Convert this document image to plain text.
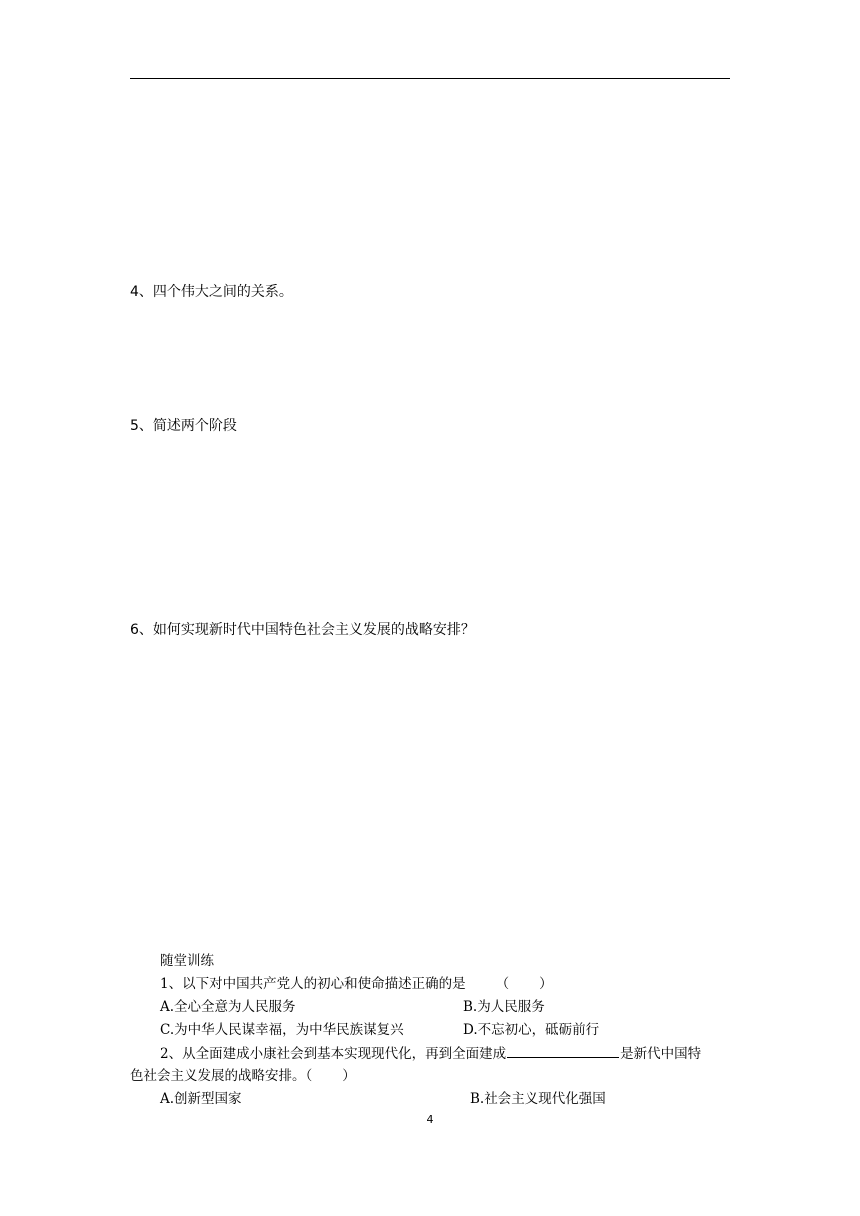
4、四个伟大之间的关系。
5、简述两个阶段
6、如何实现新时代中国特色社会主义发展的战略安排？
随堂训练
1、以下对中国共产党人的初心和使命描述正确的是 （ ）
A.全心全意为人民服务	B.为人民服务
C.为中华人民谋幸福，为中华民族谋复兴	D.不忘初心，砥砺前行
2、从全面建成小康社会到基本实现现代化，再到全面建成	是新代中国特
色社会主义发展的战略安排。（ ）
A.创新型国家	B.社会主义现代化强国
4
